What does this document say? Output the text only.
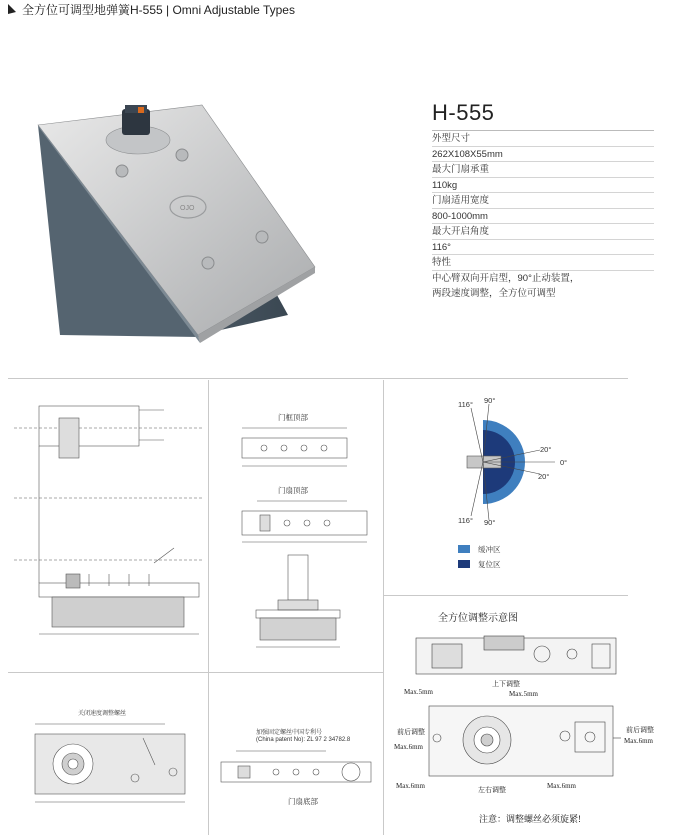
全方位可调型地弹簧H-555 | Omni Adjustable Types
OJO
H-555
外型尺寸
262X108X55mm
最大门扇承重
110kg
门扇适用宽度
800-1000mm
最大开启角度
116°
特性
中心臂双向开启型，90°止动装置，
两段速度调整，全方位可调型
门框顶部
门扇顶部
116° 90°
20°
0°
20°
116° 90°
缓冲区
复位区
关闭速度调整螺丝
加强固定螺丝中国专利号
(China patent No): ZL 97 2 34782.8
门扇底部
全方位调整示意图
上下调整
Max.5mm	Max.5mm
前后调整	前后调整
Max.6mm
Max.6mm
左右调整
Max.6mm	Max.6mm
注意：调整螺丝必须旋紧!
